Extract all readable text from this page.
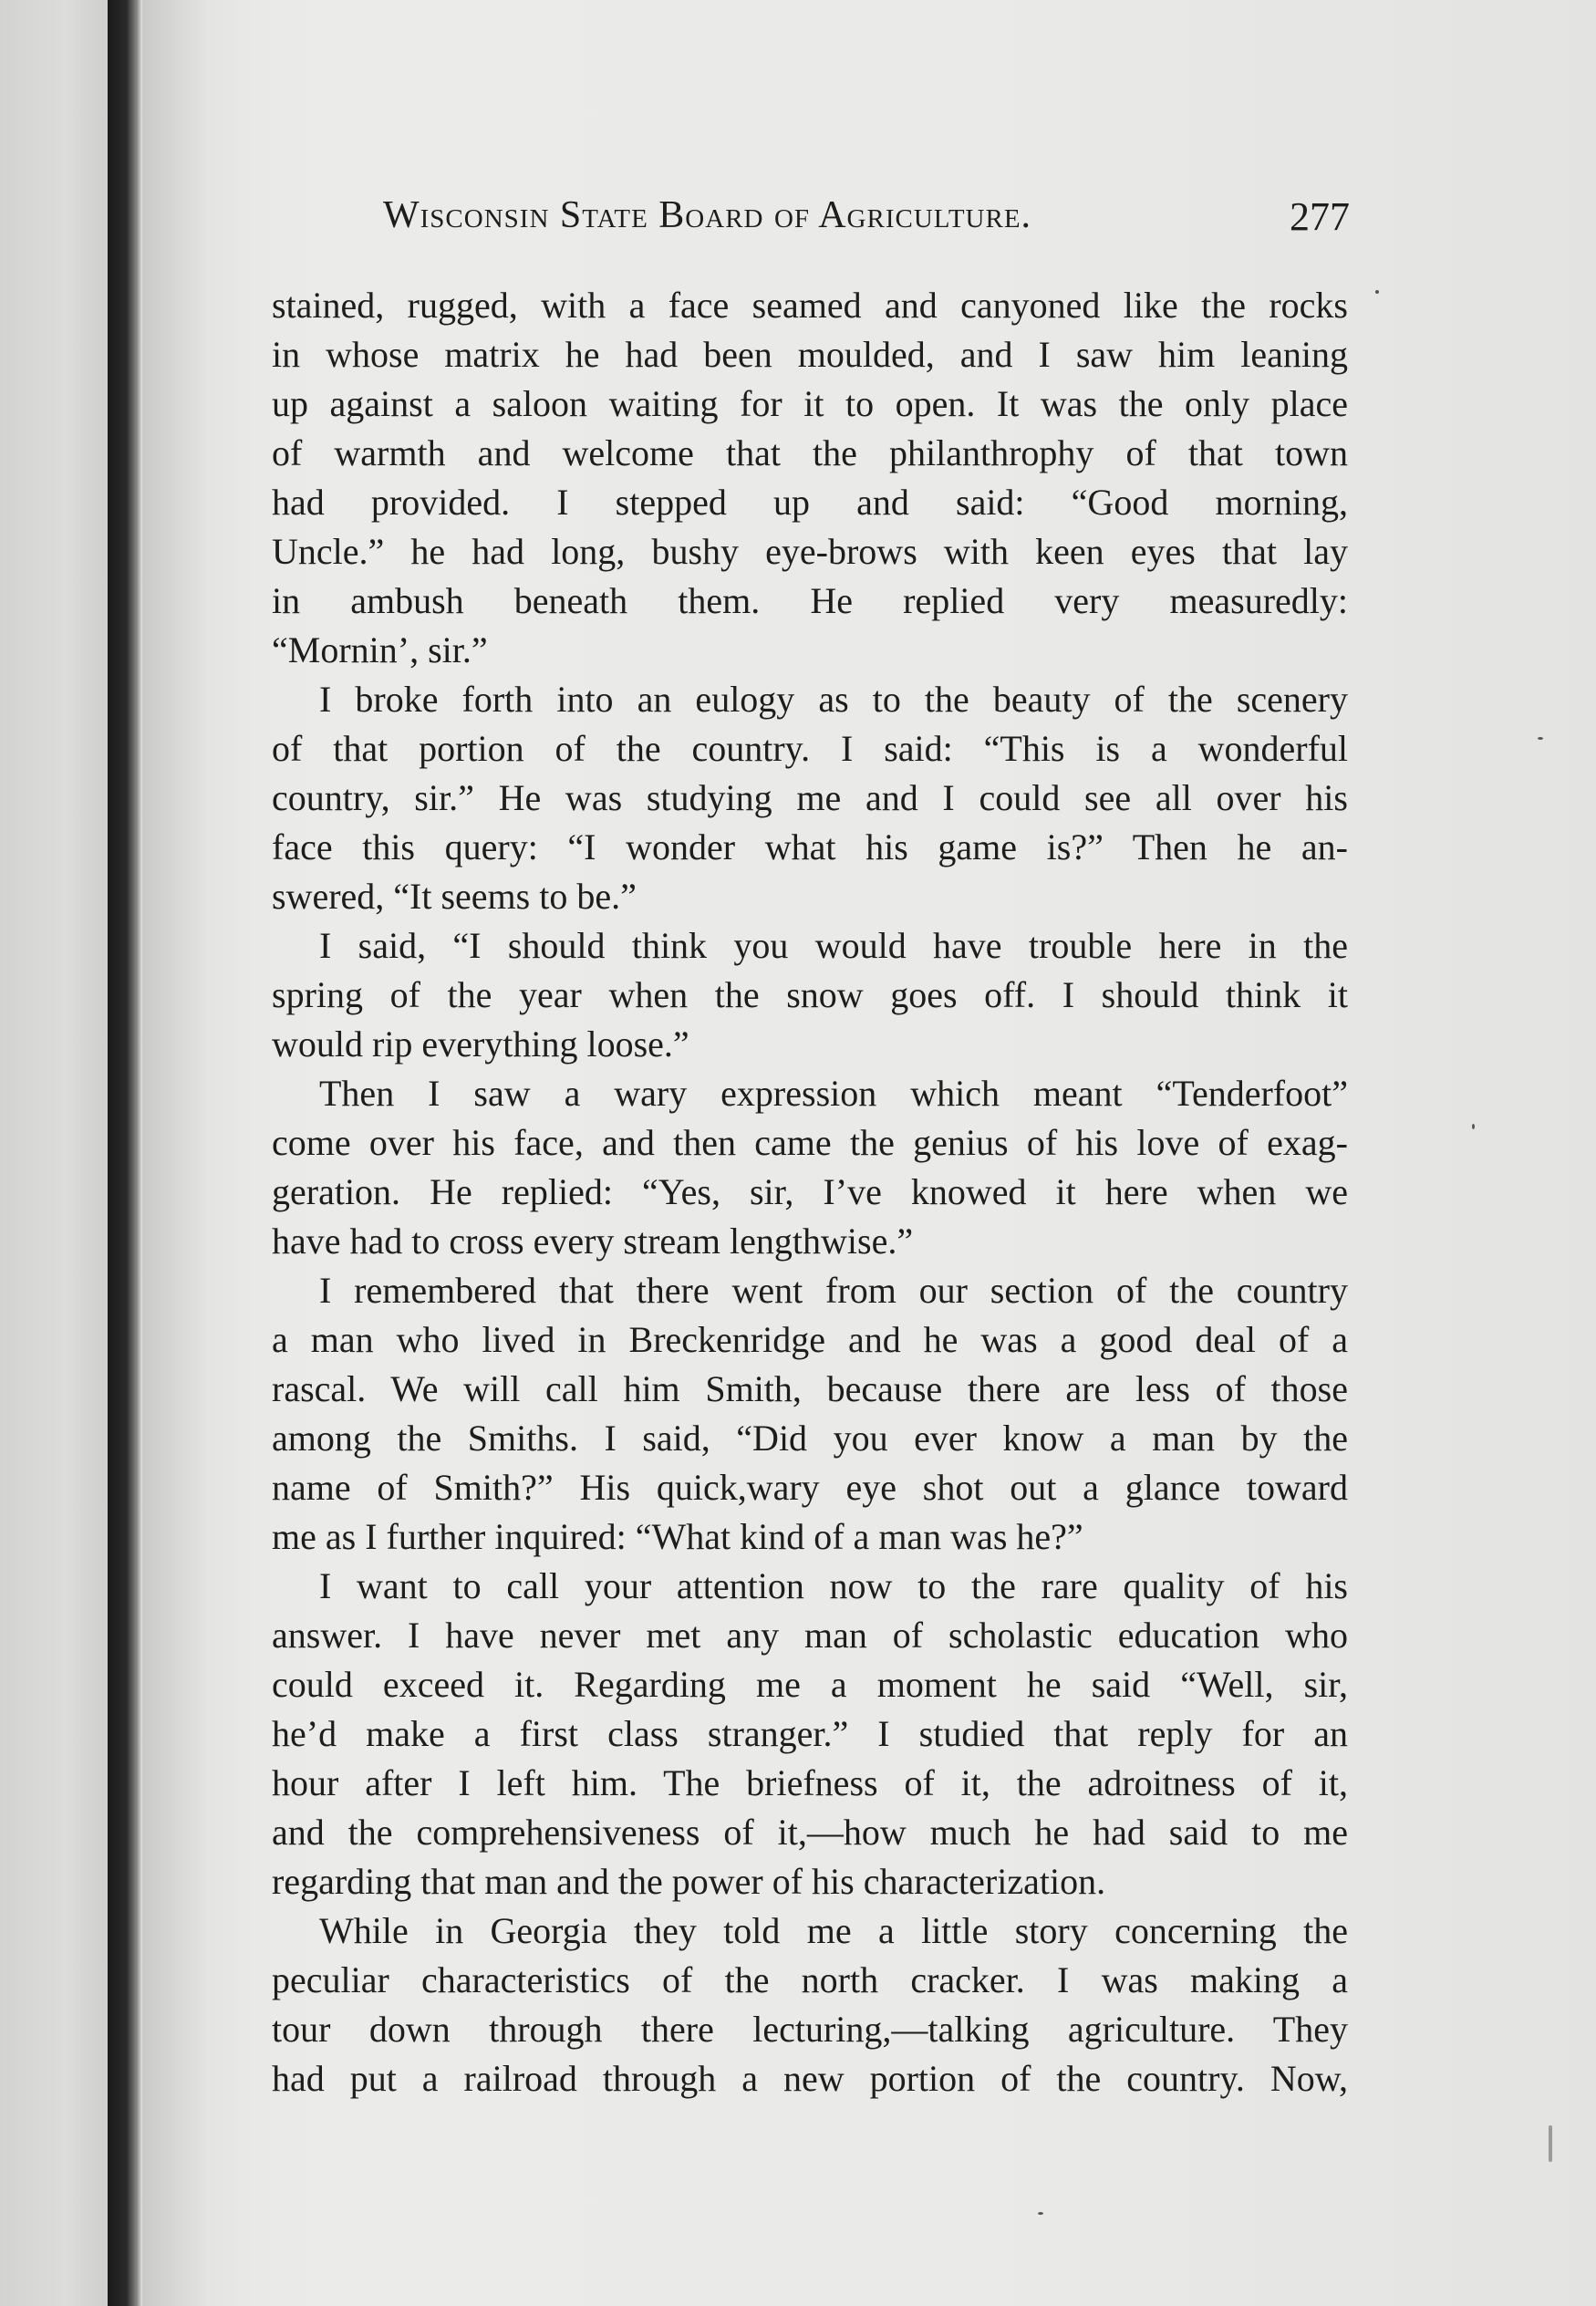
Wisconsin State Board of Agriculture.	277
stained, rugged, with a face seamed and canyoned like the rocks
in whose matrix he had been moulded, and I saw him leaning
up against a saloon waiting for it to open. It was the only place
of warmth and welcome that the philanthrophy of that town
had provided. I stepped up and said: “Good morning,
Uncle.” he had long, bushy eye-brows with keen eyes that lay
in ambush beneath them. He replied very measuredly:
“Mornin’, sir.”
I broke forth into an eulogy as to the beauty of the scenery
of that portion of the country. I said: “This is a wonderful
country, sir.” He was studying me and I could see all over his
face this query: “I wonder what his game is?” Then he an-
swered, “It seems to be.”
I said, “I should think you would have trouble here in the
spring of the year when the snow goes off. I should think it
would rip everything loose.”
Then I saw a wary expression which meant “Tenderfoot”
come over his face, and then came the genius of his love of exag-
geration. He replied: “Yes, sir, I’ve knowed it here when we
have had to cross every stream lengthwise.”
I remembered that there went from our section of the country
a man who lived in Breckenridge and he was a good deal of a
rascal. We will call him Smith, because there are less of those
among the Smiths. I said, “Did you ever know a man by the
name of Smith?” His quick,wary eye shot out a glance toward
me as I further inquired: “What kind of a man was he?”
I want to call your attention now to the rare quality of his
answer. I have never met any man of scholastic education who
could exceed it. Regarding me a moment he said “Well, sir,
he’d make a first class stranger.” I studied that reply for an
hour after I left him. The briefness of it, the adroitness of it,
and the comprehensiveness of it,—how much he had said to me
regarding that man and the power of his characterization.
While in Georgia they told me a little story concerning the
peculiar characteristics of the north cracker. I was making a
tour down through there lecturing,—talking agriculture. They
had put a railroad through a new portion of the country. Now,
